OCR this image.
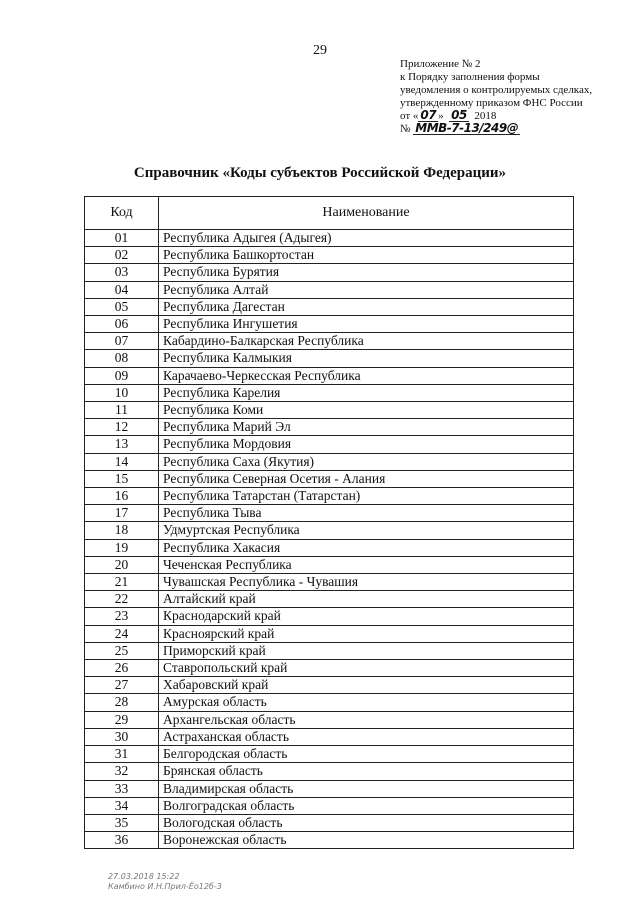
29
Приложение № 2
к Порядку заполнения формы
уведомления о контролируемых сделках,
утвержденному приказом ФНС России
от « 07 » 05 2018
№ ММВ-7-13/249@
Справочник «Коды субъектов Российской Федерации»
Код	Наименование
01	Республика Адыгея (Адыгея)
02	Республика Башкортостан
03	Республика Бурятия
04	Республика Алтай
05	Республика Дагестан
06	Республика Ингушетия
07	Кабардино-Балкарская Республика
08	Республика Калмыкия
09	Карачаево-Черкесская Республика
10	Республика Карелия
11	Республика Коми
12	Республика Марий Эл
13	Республика Мордовия
14	Республика Саха (Якутия)
15	Республика Северная Осетия - Алания
16	Республика Татарстан (Татарстан)
17	Республика Тыва
18	Удмуртская Республика
19	Республика Хакасия
20	Чеченская Республика
21	Чувашская Республика - Чувашия
22	Алтайский край
23	Краснодарский край
24	Красноярский край
25	Приморский край
26	Ставропольский край
27	Хабаровский край
28	Амурская область
29	Архангельская область
30	Астраханская область
31	Белгородская область
32	Брянская область
33	Владимирская область
34	Волгоградская область
35	Вологодская область
36	Воронежская область
27.03.2018 15:22
Камбино И.Н.Прил-Ёо12б-3
